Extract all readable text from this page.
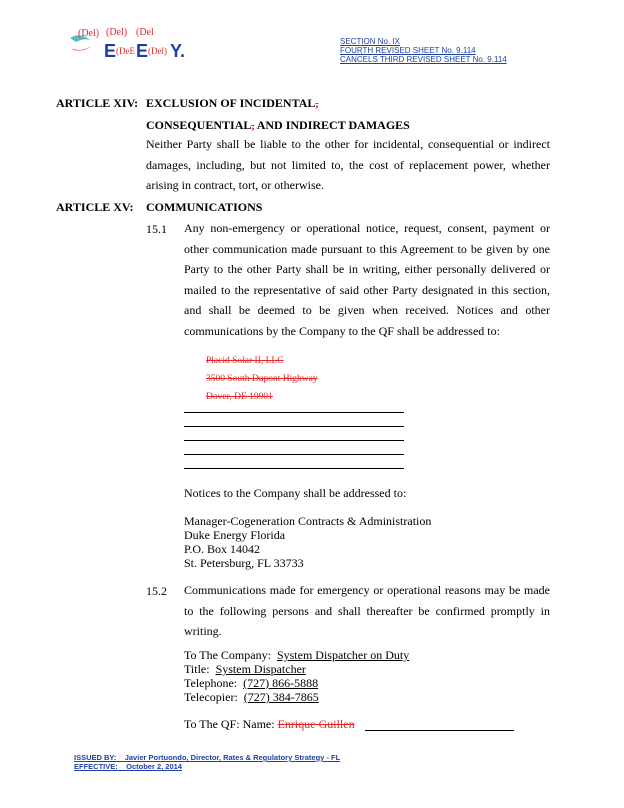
(Del) (Del) (Del
E (DeE E (Del) Y.	SECTION No. IX
FOURTH REVISED SHEET No. 9.114
CANCELS THIRD REVISED SHEET No. 9.114
ARTICLE XIV: EXCLUSION OF INCIDENTAL,
CONSEQUENTIAL, AND INDIRECT DAMAGES
Neither Party shall be liable to the other for incidental, consequential or indirect damages, including, but not limited to, the cost of replacement power, whether arising in contract, tort, or otherwise.
ARTICLE XV: COMMUNICATIONS
15.1 Any non-emergency or operational notice, request, consent, payment or other communication made pursuant to this Agreement to be given by one Party to the other Party shall be in writing, either personally delivered or mailed to the representative of said other Party designated in this section, and shall be deemed to be given when received. Notices and other communications by the Company to the QF shall be addressed to:
Placid Solar II, LLC
3500 South Dupont Highway
Dover, DE 19901
Notices to the Company shall be addressed to:
Manager-Cogeneration Contracts & Administration
Duke Energy Florida
P.O. Box 14042
St. Petersburg, FL 33733
15.2 Communications made for emergency or operational reasons may be made to the following persons and shall thereafter be confirmed promptly in writing.
To The Company: System Dispatcher on Duty
Title: System Dispatcher
Telephone: (727) 866-5888
Telecopier: (727) 384-7865
To The QF: Name: Enrique Guillen
ISSUED BY: Javier Portuondo, Director, Rates & Regulatory Strategy - FL
EFFECTIVE: October 2, 2014
